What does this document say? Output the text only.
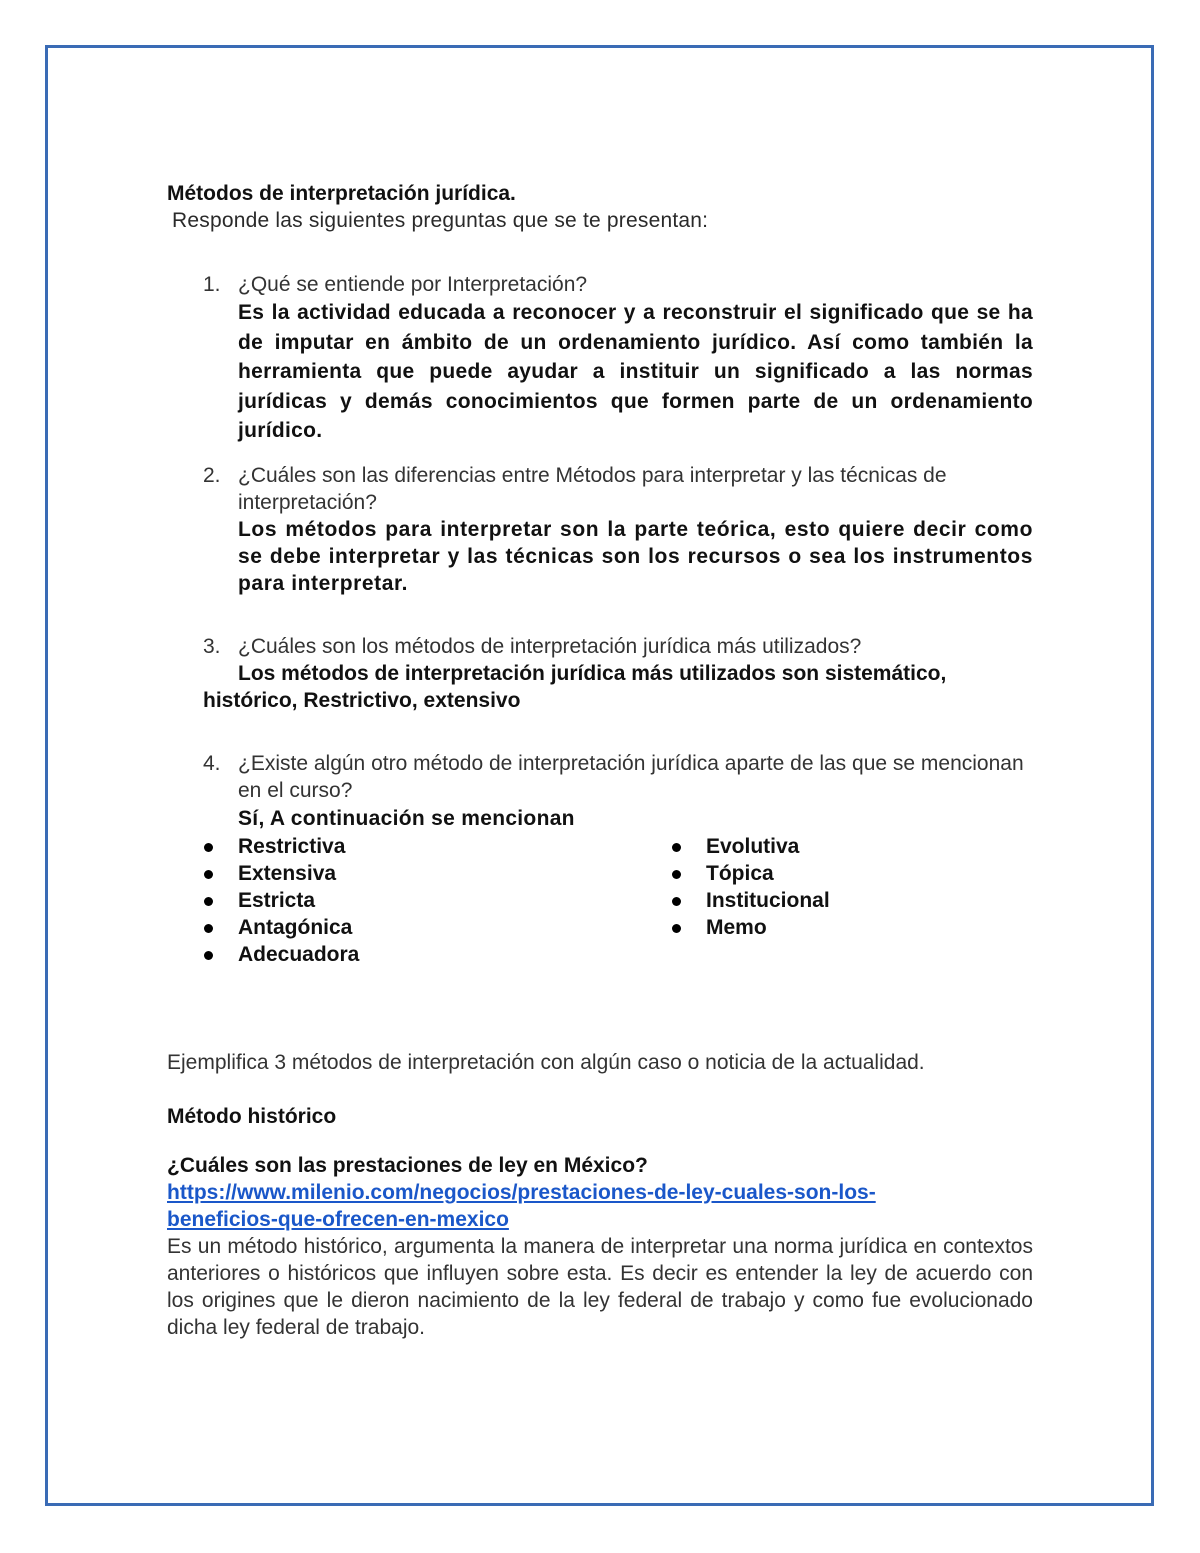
Métodos de interpretación jurídica.

Responde las siguientes preguntas que se te presentan:

1. ¿Qué se entiende por Interpretación?
Es la actividad educada a reconocer y a reconstruir el significado que se ha de imputar en ámbito de un ordenamiento jurídico. Así como también la herramienta que puede ayudar a instituir un significado a las normas jurídicas y demás conocimientos que formen parte de un ordenamiento jurídico.
2. ¿Cuáles son las diferencias entre Métodos para interpretar y las técnicas de interpretación?
Los métodos para interpretar son la parte teórica, esto quiere decir como se debe interpretar y las técnicas son los recursos o sea los instrumentos para interpretar.
3. ¿Cuáles son los métodos de interpretación jurídica más utilizados?
Los métodos de interpretación jurídica más utilizados son sistemático,
histórico, Restrictivo, extensivo
4. ¿Existe algún otro método de interpretación jurídica aparte de las que se mencionan en el curso?
Sí, A continuación se mencionan
Restrictiva
Extensiva
Estricta
Antagónica
Adecuadora
Evolutiva
Tópica
Institucional
Memo
Ejemplifica 3 métodos de interpretación con algún caso o noticia de la actualidad.
Método histórico
¿Cuáles son las prestaciones de ley en México?
https://www.milenio.com/negocios/prestaciones-de-ley-cuales-son-los-
beneficios-que-ofrecen-en-mexico
Es un método histórico, argumenta la manera de interpretar una norma jurídica en contextos anteriores o históricos que influyen sobre esta. Es decir es entender la ley de acuerdo con los origines que le dieron nacimiento de la ley federal de trabajo y como fue evolucionado dicha ley federal de trabajo.
